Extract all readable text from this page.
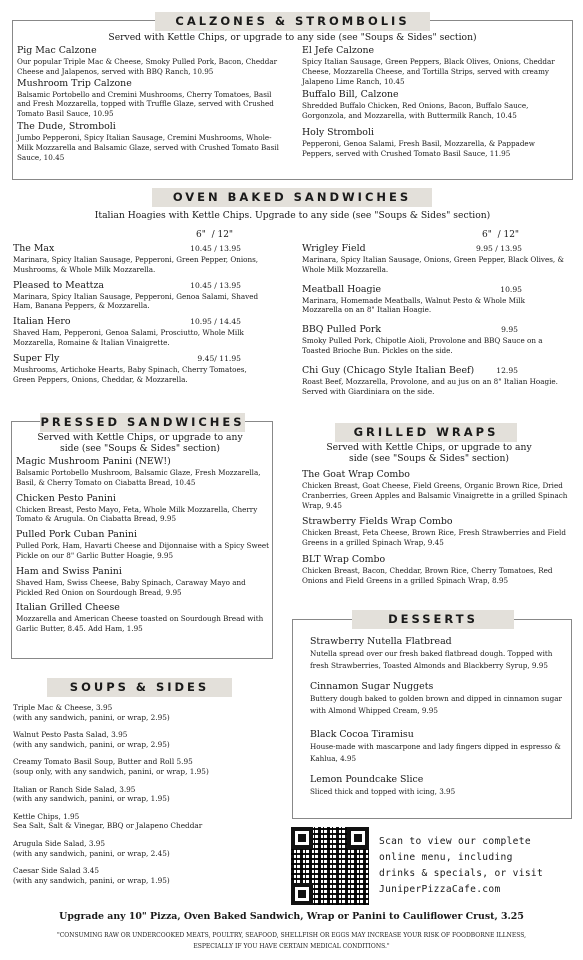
CALZONES & STROMBOLIS
Served with Kettle Chips, or upgrade to any side (see "Soups & Sides" section)
Pig Mac Calzone
Our popular Triple Mac & Cheese, Smoky Pulled Pork, Bacon, Cheddar Cheese and Jalapenos, served with BBQ Ranch, 10.95
Mushroom Trip Calzone
Balsamic Portobello and Cremini Mushrooms, Cherry Tomatoes, Basil and Fresh Mozzarella, topped with Truffle Glaze, served with Crushed Tomato Basil Sauce, 10.95
The Dude, Stromboli
Jumbo Pepperoni, Spicy Italian Sausage, Cremini Mushrooms, Whole-Milk Mozzarella and Balsamic Glaze, served with Crushed Tomato Basil Sauce, 10.45
El Jefe Calzone
Spicy Italian Sausage, Green Peppers, Black Olives, Onions, Cheddar Cheese, Mozzarella Cheese, and Tortilla Strips, served with creamy Jalapeno Lime Ranch, 10.45
Buffalo Bill, Calzone
Shredded Buffalo Chicken, Red Onions, Bacon, Buffalo Sauce, Gorgonzola, and Mozzarella, with Buttermilk Ranch, 10.45
Holy Stromboli
Pepperoni, Genoa Salami, Fresh Basil, Mozzarella, & Pappadew Peppers, served with Crushed Tomato Basil Sauce, 11.95
OVEN BAKED SANDWICHES
Italian Hoagies with Kettle Chips. Upgrade to any side (see "Soups & Sides" section)
6"  / 12"	6"  / 12"
The Max	10.45 / 13.95
Marinara, Spicy Italian Sausage, Pepperoni, Green Pepper, Onions, Mushrooms, & Whole Milk Mozzarella.
Pleased to Meattza	10.45 / 13.95
Marinara, Spicy Italian Sausage, Pepperoni, Genoa Salami, Shaved Ham, Banana Peppers, & Mozzarella.
Italian Hero	10.95 / 14.45
Shaved Ham, Pepperoni, Genoa Salami, Prosciutto, Whole Milk Mozzarella, Romaine & Italian Vinaigrette.
Super Fly	9.45/ 11.95
Mushrooms, Artichoke Hearts, Baby Spinach, Cherry Tomatoes, Green Peppers, Onions, Cheddar, & Mozzarella.
Wrigley Field	9.95 / 13.95
Marinara, Spicy Italian Sausage, Onions, Green Pepper, Black Olives, & Whole Milk Mozzarella.
Meatball Hoagie	10.95
Marinara, Homemade Meatballs, Walnut Pesto & Whole Milk Mozzarella on an 8" Italian Hoagie.
BBQ Pulled Pork	9.95
Smoky Pulled Pork, Chipotle Aioli, Provolone and BBQ Sauce on a Toasted Brioche Bun. Pickles on the side.
Chi Guy (Chicago Style Italian Beef)	12.95
Roast Beef, Mozzarella, Provolone, and au jus on an 8" Italian Hoagie. Served with Giardiniara on the side.
PRESSED SANDWICHES
Served with Kettle Chips, or upgrade to any side (see "Soups & Sides" section)
Magic Mushroom Panini (NEW!)
Balsamic Portobello Mushroom, Balsamic Glaze, Fresh Mozzarella, Basil, & Cherry Tomato on Ciabatta Bread, 10.45
Chicken Pesto Panini
Chicken Breast, Pesto Mayo, Feta, Whole Milk Mozzarella, Cherry Tomato & Arugula. On Ciabatta Bread, 9.95
Pulled Pork Cuban Panini
Pulled Pork, Ham, Havarti Cheese and Dijonnaise with a Spicy Sweet Pickle on our 8" Garlic Butter Hoagie, 9.95
Ham and Swiss Panini
Shaved Ham, Swiss Cheese, Baby Spinach, Caraway Mayo and Pickled Red Onion on Sourdough Bread, 9.95
Italian Grilled Cheese
Mozzarella and American Cheese toasted on Sourdough Bread with Garlic Butter, 8.45. Add Ham, 1.95
GRILLED WRAPS
Served with Kettle Chips, or upgrade to any side (see "Soups & Sides" section)
The Goat Wrap Combo
Chicken Breast, Goat Cheese, Field Greens, Organic Brown Rice, Dried Cranberries, Green Apples and Balsamic Vinaigrette in a grilled Spinach Wrap, 9.45
Strawberry Fields Wrap Combo
Chicken Breast, Feta Cheese, Brown Rice, Fresh Strawberries and Field Greens in a grilled Spinach Wrap, 9.45
BLT Wrap Combo
Chicken Breast, Bacon, Cheddar, Brown Rice, Cherry Tomatoes, Red Onions and Field Greens in a grilled Spinach Wrap, 8.95
DESSERTS
Strawberry Nutella Flatbread
Nutella spread over our fresh baked flatbread dough. Topped with fresh Strawberries, Toasted Almonds and Blackberry Syrup, 9.95
Cinnamon Sugar Nuggets
Buttery dough baked to golden brown and dipped in cinnamon sugar with Almond Whipped Cream, 9.95
Black Cocoa Tiramisu
House-made with mascarpone and lady fingers dipped in espresso & Kahlua, 4.95
Lemon Poundcake Slice
Sliced thick and topped with icing, 3.95
SOUPS & SIDES
Triple Mac & Cheese, 3.95
(with any sandwich, panini, or wrap, 2.95)
Walnut Pesto Pasta Salad, 3.95
(with any sandwich, panini, or wrap, 2.95)
Creamy Tomato Basil Soup, Butter and Roll 5.95
(soup only, with any sandwich, panini, or wrap, 1.95)
Italian or Ranch Side Salad, 3.95
(with any sandwich, panini, or wrap, 1.95)
Kettle Chips, 1.95
Sea Salt, Salt & Vinegar, BBQ or Jalapeno Cheddar
Arugula Side Salad, 3.95
(with any sandwich, panini, or wrap, 2.45)
Caesar Side Salad 3.45
(with any sandwich, panini, or wrap, 1.95)
Scan to view our complete
online menu, including
drinks & specials, or visit
JuniperPizzaCafe.com
Upgrade any 10" Pizza, Oven Baked Sandwich, Wrap or Panini to Cauliflower Crust, 3.25
"CONSUMING RAW OR UNDERCOOKED MEATS, POULTRY, SEAFOOD, SHELLFISH OR EGGS MAY INCREASE YOUR RISK OF FOODBORNE ILLNESS,
ESPECIALLY IF YOU HAVE CERTAIN MEDICAL CONDITIONS."
